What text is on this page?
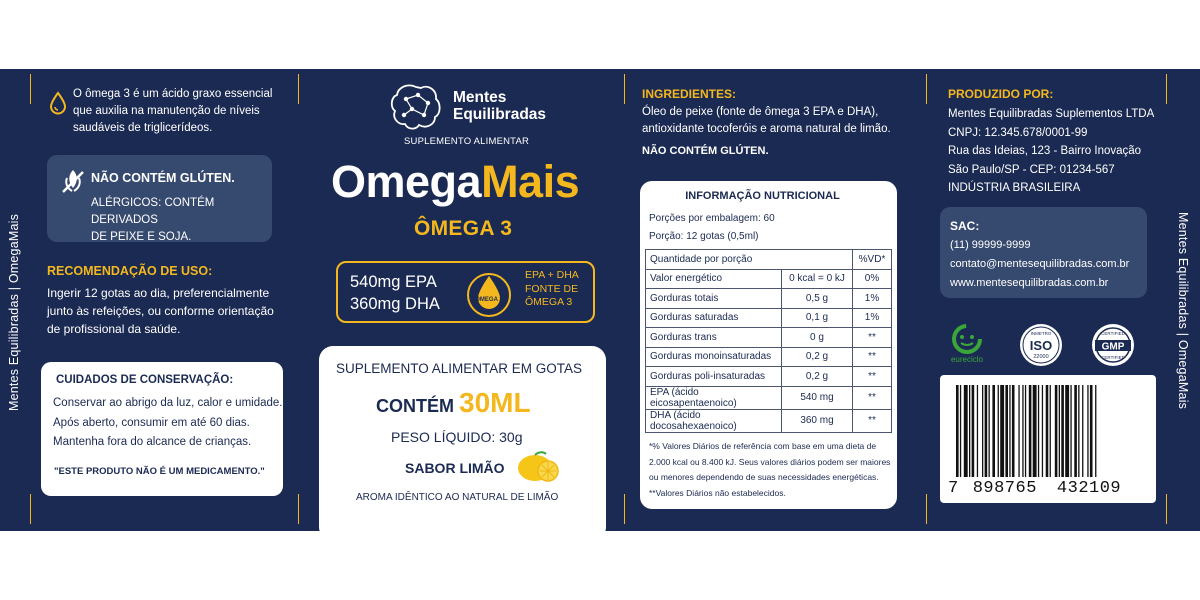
Mentes Equilibradas | OmegaMais	Mentes Equilibradas | OmegaMais
O ômega 3 é um ácido graxo essencial
que auxilia na manutenção de níveis
saudáveis de triglicerídeos.
NÃO CONTÉM GLÚTEN.
ALÉRGICOS: CONTÉM DERIVADOS
DE PEIXE E SOJA.
RECOMENDAÇÃO DE USO:
Ingerir 12 gotas ao dia, preferencialmente
junto às refeições, ou conforme orientação
de profissional da saúde.
CUIDADOS DE CONSERVAÇÃO:
Conservar ao abrigo da luz, calor e umidade.
Após aberto, consumir em até 60 dias.
Mantenha fora do alcance de crianças.
"ESTE PRODUTO NÃO É UM MEDICAMENTO."
Mentes
Equilibradas
SUPLEMENTO ALIMENTAR
OmegaMais
ÔMEGA 3
540mg EPA
360mg DHA	OMEGA 3
EPA + DHA
FONTE DE
ÔMEGA 3
SUPLEMENTO ALIMENTAR EM GOTAS
CONTÉM 30ML
PESO LÍQUIDO: 30g
SABOR LIMÃO
AROMA IDÊNTICO AO NATURAL DE LIMÃO
INGREDIENTES:
Óleo de peixe (fonte de ômega 3 EPA e DHA),
antioxidante tocoferóis e aroma natural de limão.
NÃO CONTÉM GLÚTEN.
INFORMAÇÃO NUTRICIONAL
Porções por embalagem: 60
Porção: 12 gotas (0,5ml)
Quantidade por porção		%VD*
Valor energético	0 kcal = 0 kJ	0%
Gorduras totais	0,5 g	1%
Gorduras saturadas	0,1 g	1%
Gorduras trans	0 g	**
Gorduras monoinsaturadas	0,2 g	**
Gorduras poli-insaturadas	0,2 g	**
EPA (ácido eicosapentaenoico)	540 mg	**
DHA (ácido docosahexaenoico)	360 mg	**
*% Valores Diários de referência com base em uma dieta de
2.000 kcal ou 8.400 kJ. Seus valores diários podem ser maiores
ou menores dependendo de suas necessidades energéticas.
**Valores Diários não estabelecidos.
PRODUZIDO POR:
Mentes Equilibradas Suplementos LTDA
CNPJ: 12.345.678/0001-99
Rua das Ideias, 123 - Bairro Inovação
São Paulo/SP - CEP: 01234-567
INDÚSTRIA BRASILEIRA
SAC:
(11) 99999-9999
contato@mentesequilibradas.com.br
www.mentesequilibradas.com.br
eureciclo
INMETRO
ISO
22000
CERTIFIED
GMP
CERTIFIED
7 898765 432109
